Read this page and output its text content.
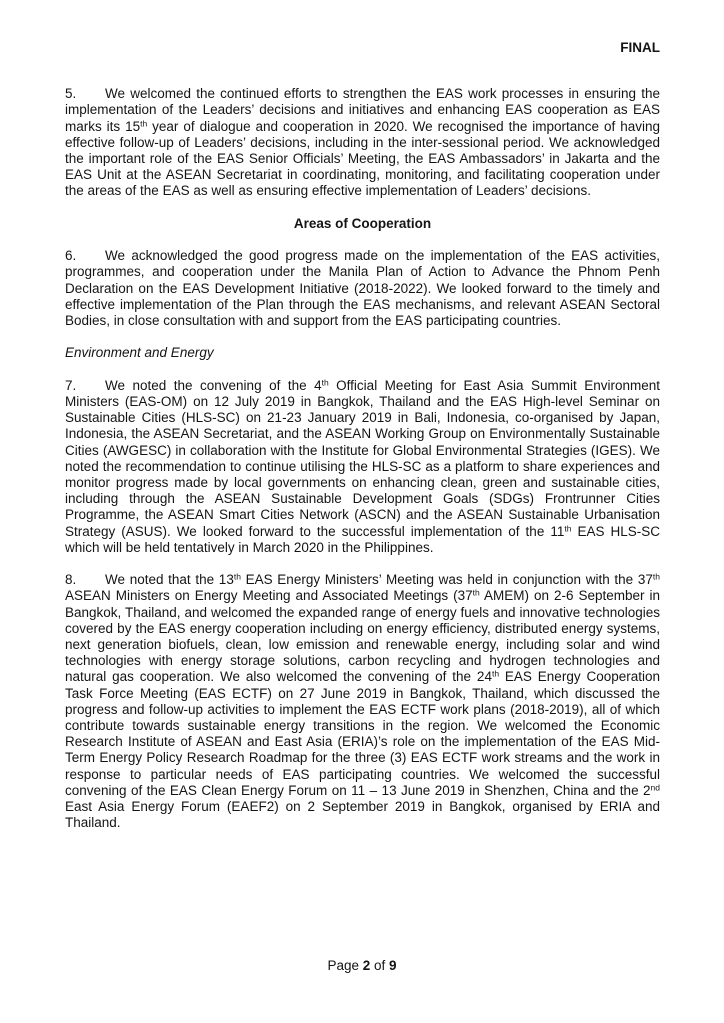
FINAL
5. We welcomed the continued efforts to strengthen the EAS work processes in ensuring the implementation of the Leaders’ decisions and initiatives and enhancing EAS cooperation as EAS marks its 15th year of dialogue and cooperation in 2020. We recognised the importance of having effective follow-up of Leaders’ decisions, including in the inter-sessional period. We acknowledged the important role of the EAS Senior Officials’ Meeting, the EAS Ambassadors’ in Jakarta and the EAS Unit at the ASEAN Secretariat in coordinating, monitoring, and facilitating cooperation under the areas of the EAS as well as ensuring effective implementation of Leaders’ decisions.
Areas of Cooperation
6. We acknowledged the good progress made on the implementation of the EAS activities, programmes, and cooperation under the Manila Plan of Action to Advance the Phnom Penh Declaration on the EAS Development Initiative (2018-2022). We looked forward to the timely and effective implementation of the Plan through the EAS mechanisms, and relevant ASEAN Sectoral Bodies, in close consultation with and support from the EAS participating countries.
Environment and Energy
7. We noted the convening of the 4th Official Meeting for East Asia Summit Environment Ministers (EAS-OM) on 12 July 2019 in Bangkok, Thailand and the EAS High-level Seminar on Sustainable Cities (HLS-SC) on 21-23 January 2019 in Bali, Indonesia, co-organised by Japan, Indonesia, the ASEAN Secretariat, and the ASEAN Working Group on Environmentally Sustainable Cities (AWGESC) in collaboration with the Institute for Global Environmental Strategies (IGES). We noted the recommendation to continue utilising the HLS-SC as a platform to share experiences and monitor progress made by local governments on enhancing clean, green and sustainable cities, including through the ASEAN Sustainable Development Goals (SDGs) Frontrunner Cities Programme, the ASEAN Smart Cities Network (ASCN) and the ASEAN Sustainable Urbanisation Strategy (ASUS). We looked forward to the successful implementation of the 11th EAS HLS-SC which will be held tentatively in March 2020 in the Philippines.
8. We noted that the 13th EAS Energy Ministers’ Meeting was held in conjunction with the 37th ASEAN Ministers on Energy Meeting and Associated Meetings (37th AMEM) on 2-6 September in Bangkok, Thailand, and welcomed the expanded range of energy fuels and innovative technologies covered by the EAS energy cooperation including on energy efficiency, distributed energy systems, next generation biofuels, clean, low emission and renewable energy, including solar and wind technologies with energy storage solutions, carbon recycling and hydrogen technologies and natural gas cooperation. We also welcomed the convening of the 24th EAS Energy Cooperation Task Force Meeting (EAS ECTF) on 27 June 2019 in Bangkok, Thailand, which discussed the progress and follow-up activities to implement the EAS ECTF work plans (2018-2019), all of which contribute towards sustainable energy transitions in the region. We welcomed the Economic Research Institute of ASEAN and East Asia (ERIA)’s role on the implementation of the EAS Mid-Term Energy Policy Research Roadmap for the three (3) EAS ECTF work streams and the work in response to particular needs of EAS participating countries. We welcomed the successful convening of the EAS Clean Energy Forum on 11 – 13 June 2019 in Shenzhen, China and the 2nd East Asia Energy Forum (EAEF2) on 2 September 2019 in Bangkok, organised by ERIA and Thailand.
Page 2 of 9
